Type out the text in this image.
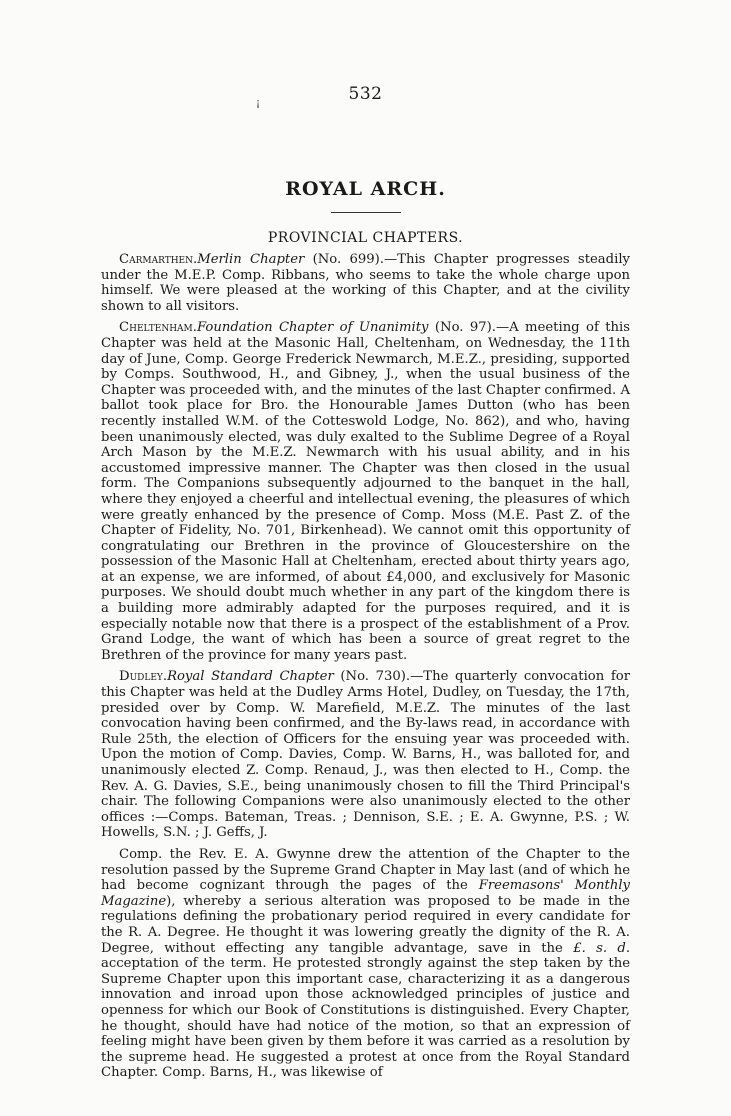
532
¡
ROYAL ARCH.
PROVINCIAL CHAPTERS.

Carmarthen.Merlin Chapter (No. 699).—This Chapter progresses steadily under the M.E.P. Comp. Ribbans, who seems to take the whole charge upon himself. We were pleased at the working of this Chapter, and at the civility shown to all visitors.

Cheltenham.Foundation Chapter of Unanimity (No. 97).—A meeting of this Chapter was held at the Masonic Hall, Cheltenham, on Wednesday, the 11th day of June, Comp. George Frederick Newmarch, M.E.Z., presiding, supported by Comps. Southwood, H., and Gibney, J., when the usual business of the Chapter was proceeded with, and the minutes of the last Chapter confirmed. A ballot took place for Bro. the Honourable James Dutton (who has been recently installed W.M. of the Cotteswold Lodge, No. 862), and who, having been unanimously elected, was duly exalted to the Sublime Degree of a Royal Arch Mason by the M.E.Z. Newmarch with his usual ability, and in his accustomed impressive manner. The Chapter was then closed in the usual form. The Companions subsequently adjourned to the banquet in the hall, where they enjoyed a cheerful and intellectual evening, the pleasures of which were greatly enhanced by the presence of Comp. Moss (M.E. Past Z. of the Chapter of Fidelity, No. 701, Birkenhead). We cannot omit this opportunity of congratulating our Brethren in the province of Gloucestershire on the possession of the Masonic Hall at Cheltenham, erected about thirty years ago, at an expense, we are informed, of about £4,000, and exclusively for Masonic purposes. We should doubt much whether in any part of the kingdom there is a building more admirably adapted for the purposes required, and it is especially notable now that there is a prospect of the establishment of a Prov. Grand Lodge, the want of which has been a source of great regret to the Brethren of the province for many years past.

Dudley.Royal Standard Chapter (No. 730).—The quarterly convocation for this Chapter was held at the Dudley Arms Hotel, Dudley, on Tuesday, the 17th, presided over by Comp. W. Marefield, M.E.Z. The minutes of the last convocation having been confirmed, and the By-laws read, in accordance with Rule 25th, the election of Officers for the ensuing year was proceeded with. Upon the motion of Comp. Davies, Comp. W. Barns, H., was balloted for, and unanimously elected Z. Comp. Renaud, J., was then elected to H., Comp. the Rev. A. G. Davies, S.E., being unanimously chosen to fill the Third Principal's chair. The following Companions were also unanimously elected to the other offices :—Comps. Bateman, Treas. ; Dennison, S.E. ; E. A. Gwynne, P.S. ; W. Howells, S.N. ; J. Geffs, J.

Comp. the Rev. E. A. Gwynne drew the attention of the Chapter to the resolution passed by the Supreme Grand Chapter in May last (and of which he had become cognizant through the pages of the Freemasons' Monthly Magazine), whereby a serious alteration was proposed to be made in the regulations defining the probationary period required in every candidate for the R. A. Degree. He thought it was lowering greatly the dignity of the R. A. Degree, without effecting any tangible advantage, save in the £. s. d. acceptation of the term. He protested strongly against the step taken by the Supreme Chapter upon this important case, characterizing it as a dangerous innovation and inroad upon those acknowledged principles of justice and openness for which our Book of Constitutions is distinguished. Every Chapter, he thought, should have had notice of the motion, so that an expression of feeling might have been given by them before it was carried as a resolution by the supreme head. He suggested a protest at once from the Royal Standard Chapter. Comp. Barns, H., was likewise of
